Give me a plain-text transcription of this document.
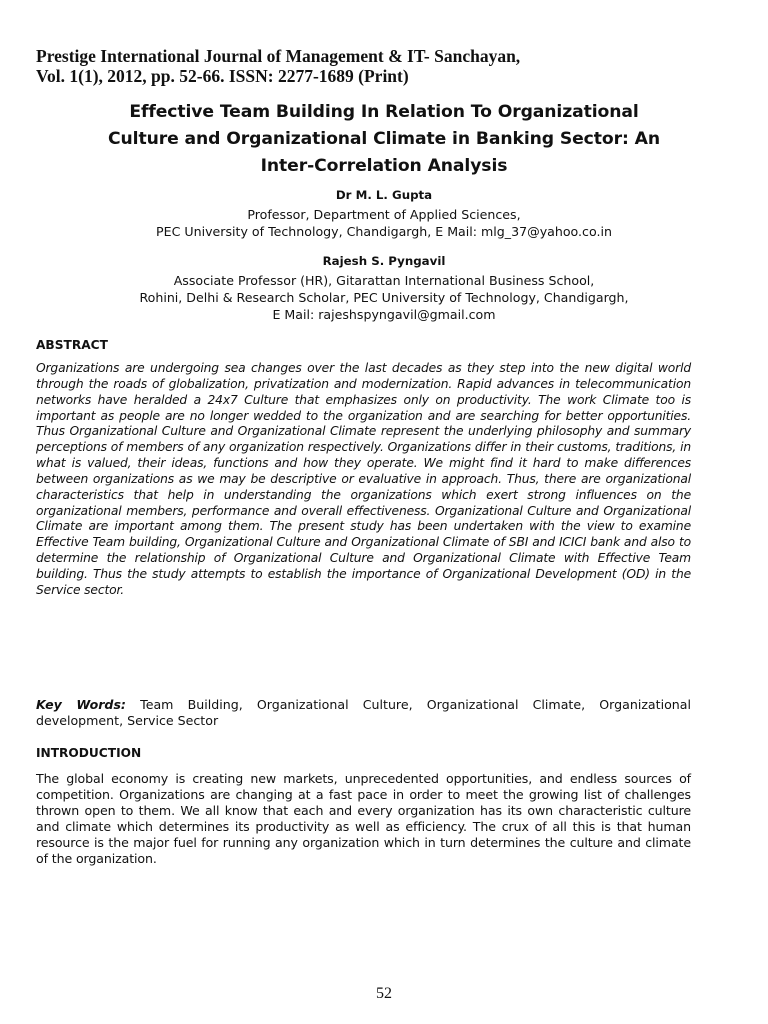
Prestige International Journal of Management & IT- Sanchayan,
Vol. 1(1), 2012, pp. 52-66. ISSN: 2277-1689 (Print)
Effective Team Building In Relation To Organizational
Culture and Organizational Climate in Banking Sector: An
Inter-Correlation Analysis
Dr M. L. Gupta
Professor, Department of Applied Sciences,
PEC University of Technology, Chandigargh, E Mail: mlg_37@yahoo.co.in
Rajesh S. Pyngavil
Associate Professor (HR), Gitarattan International Business School,
Rohini, Delhi & Research Scholar, PEC University of Technology, Chandigargh,
E Mail: rajeshspyngavil@gmail.com
ABSTRACT
Organizations are undergoing sea changes over the last decades as they step into the new digital world through the roads of globalization, privatization and modernization. Rapid advances in telecommunication networks have heralded a 24x7 Culture that emphasizes only on productivity. The work Climate too is important as people are no longer wedded to the organization and are searching for better opportunities. Thus Organizational Culture and Organizational Climate represent the underlying philosophy and summary perceptions of members of any organization respectively. Organizations differ in their customs, traditions, in what is valued, their ideas, functions and how they operate. We might find it hard to make differences between organizations as we may be descriptive or evaluative in approach. Thus, there are organizational characteristics that help in understanding the organizations which exert strong influences on the organizational members, performance and overall effectiveness. Organizational Culture and Organizational Climate are important among them. The present study has been undertaken with the view to examine Effective Team building, Organizational Culture and Organizational Climate of SBI and ICICI bank and also to determine the relationship of Organizational Culture and Organizational Climate with Effective Team building. Thus the study attempts to establish the importance of Organizational Development (OD) in the Service sector.
Key Words: Team Building, Organizational Culture, Organizational Climate, Organizational development, Service Sector
INTRODUCTION
The global economy is creating new markets, unprecedented opportunities, and endless sources of competition. Organizations are changing at a fast pace in order to meet the growing list of challenges thrown open to them. We all know that each and every organization has its own characteristic culture and climate which determines its productivity as well as efficiency. The crux of all this is that human resource is the major fuel for running any organization which in turn determines the culture and climate of the organization.
52
